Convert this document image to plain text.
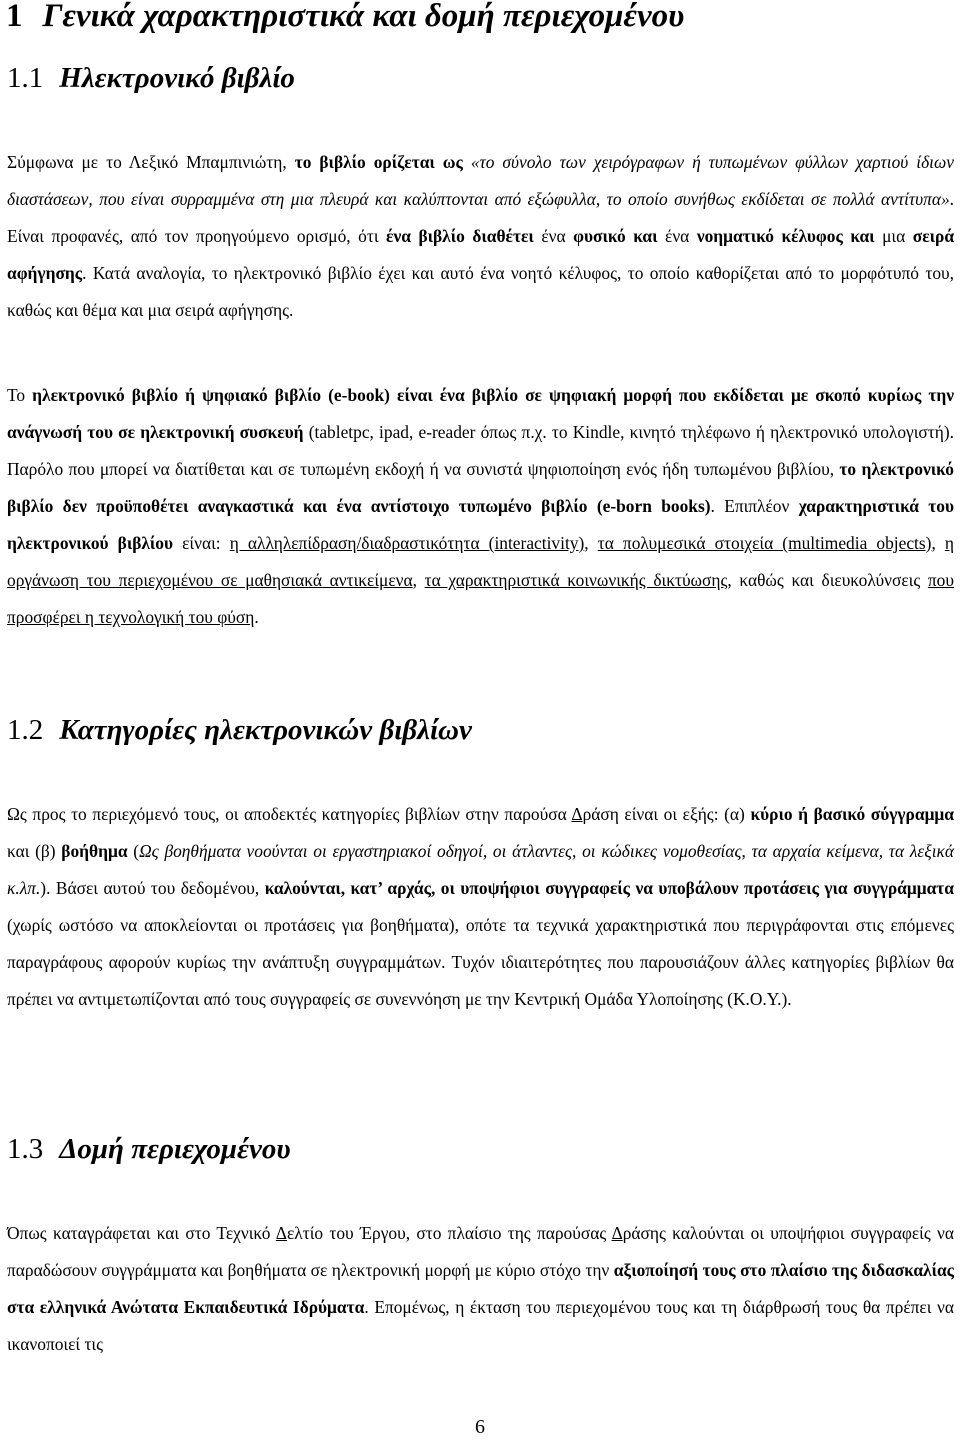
1 Γενικά χαρακτηριστικά και δομή περιεχομένου
1.1 Ηλεκτρονικό βιβλίο

Σύμφωνα με το Λεξικό Μπαμπινιώτη, το βιβλίο ορίζεται ως «το σύνολο των χειρόγραφων ή τυπωμένων φύλλων χαρτιού ίδιων διαστάσεων, που είναι συρραμμένα στη μια πλευρά και καλύπτονται από εξώφυλλα, το οποίο συνήθως εκδίδεται σε πολλά αντίτυπα». Είναι προφανές, από τον προηγούμενο ορισμό, ότι ένα βιβλίο διαθέτει ένα φυσικό και ένα νοηματικό κέλυφος και μια σειρά αφήγησης. Κατά αναλογία, το ηλεκτρονικό βιβλίο έχει και αυτό ένα νοητό κέλυφος, το οποίο καθορίζεται από το μορφότυπό του, καθώς και θέμα και μια σειρά αφήγησης.

Το ηλεκτρονικό βιβλίο ή ψηφιακό βιβλίο (e-book) είναι ένα βιβλίο σε ψηφιακή μορφή που εκδίδεται με σκοπό κυρίως την ανάγνωσή του σε ηλεκτρονική συσκευή (tabletpc, ipad, e-reader όπως π.χ. το Kindle, κινητό τηλέφωνο ή ηλεκτρονικό υπολογιστή). Παρόλο που μπορεί να διατίθεται και σε τυπωμένη εκδοχή ή να συνιστά ψηφιοποίηση ενός ήδη τυπωμένου βιβλίου, το ηλεκτρονικό βιβλίο δεν προϋποθέτει αναγκαστικά και ένα αντίστοιχο τυπωμένο βιβλίο (e-born books). Επιπλέον χαρακτηριστικά του ηλεκτρονικού βιβλίου είναι: η αλληλεπίδραση/διαδραστικότητα (interactivity), τα πολυμεσικά στοιχεία (multimedia objects), η οργάνωση του περιεχομένου σε μαθησιακά αντικείμενα, τα χαρακτηριστικά κοινωνικής δικτύωσης, καθώς και διευκολύνσεις που προσφέρει η τεχνολογική του φύση.

1.2 Κατηγορίες ηλεκτρονικών βιβλίων

Ως προς το περιεχόμενό τους, οι αποδεκτές κατηγορίες βιβλίων στην παρούσα Δράση είναι οι εξής: (α) κύριο ή βασικό σύγγραμμα και (β) βοήθημα (Ως βοηθήματα νοούνται οι εργαστηριακοί οδηγοί, οι άτλαντες, οι κώδικες νομοθεσίας, τα αρχαία κείμενα, τα λεξικά κ.λπ.). Βάσει αυτού του δεδομένου, καλούνται, κατ’ αρχάς, οι υποψήφιοι συγγραφείς να υποβάλουν προτάσεις για συγγράμματα (χωρίς ωστόσο να αποκλείονται οι προτάσεις για βοηθήματα), οπότε τα τεχνικά χαρακτηριστικά που περιγράφονται στις επόμενες παραγράφους αφορούν κυρίως την ανάπτυξη συγγραμμάτων. Τυχόν ιδιαιτερότητες που παρουσιάζουν άλλες κατηγορίες βιβλίων θα πρέπει να αντιμετωπίζονται από τους συγγραφείς σε συνεννόηση με την Κεντρική Ομάδα Υλοποίησης (Κ.Ο.Υ.).

1.3 Δομή περιεχομένου

Όπως καταγράφεται και στο Τεχνικό Δελτίο του Έργου, στο πλαίσιο της παρούσας Δράσης καλούνται οι υποψήφιοι συγγραφείς να παραδώσουν συγγράμματα και βοηθήματα σε ηλεκτρονική μορφή με κύριο στόχο την αξιοποίησή τους στο πλαίσιο της διδασκαλίας στα ελληνικά Ανώτατα Εκπαιδευτικά Ιδρύματα. Επομένως, η έκταση του περιεχομένου τους και τη διάρθρωσή τους θα πρέπει να ικανοποιεί τις

6
